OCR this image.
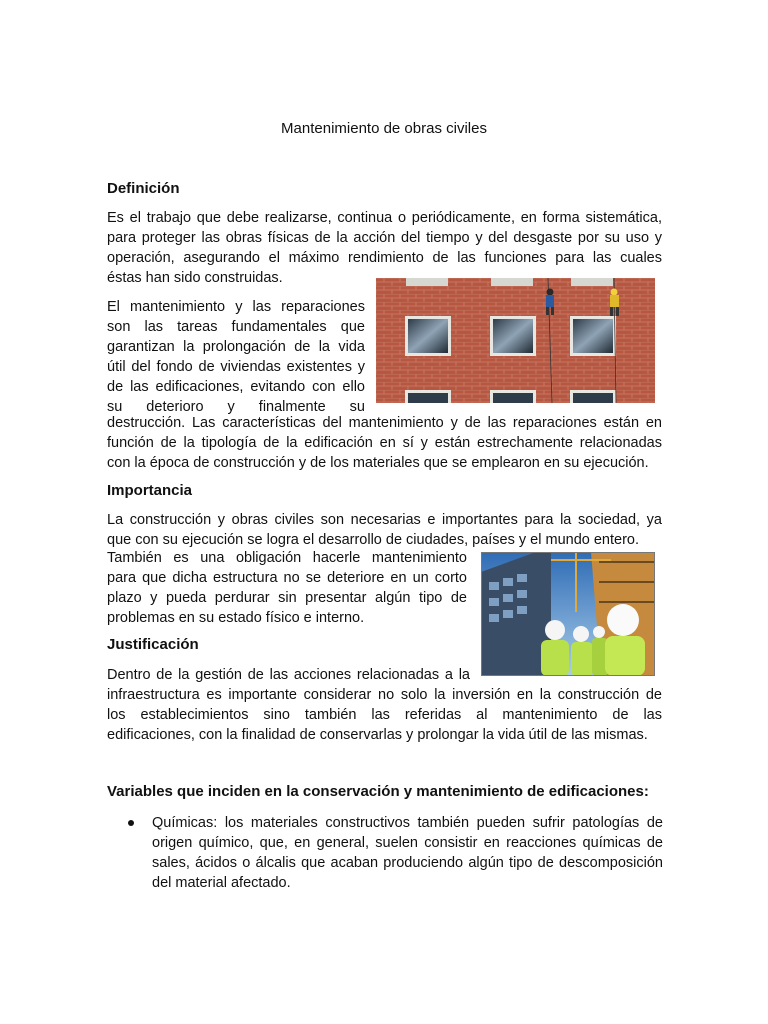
Mantenimiento de obras civiles
Definición
Es el trabajo que debe realizarse, continua o periódicamente, en forma sistemática,
para proteger las obras físicas de la acción del tiempo y del desgaste por su uso y
operación, asegurando el máximo rendimiento de las funciones para las cuales
éstas han sido construidas.
El mantenimiento y las reparaciones
son las tareas fundamentales que
garantizan la prolongación de la vida
útil del fondo de viviendas existentes y
de las edificaciones, evitando con ello
su deterioro y finalmente su
destrucción. Las características del mantenimiento y de las reparaciones están en
función de la tipología de la edificación en sí y están estrechamente relacionadas
con la época de construcción y de los materiales que se emplearon en su ejecución.
Importancia
La construcción y obras civiles son necesarias e importantes para la sociedad, ya
que con su ejecución se logra el desarrollo de ciudades, países y el mundo entero.
También es una obligación hacerle mantenimiento
para que dicha estructura no se deteriore en un corto
plazo y pueda perdurar sin presentar algún tipo de
problemas en su estado físico e interno.
Justificación
Dentro de la gestión de las acciones relacionadas a la
infraestructura es importante considerar no solo la inversión en la construcción de
los establecimientos sino también las referidas al mantenimiento de las
edificaciones, con la finalidad de conservarlas y prolongar la vida útil de las mismas.
Variables que inciden en la conservación y mantenimiento de edificaciones:
Químicas: los materiales constructivos también pueden sufrir patologías de
origen químico, que, en general, suelen consistir en reacciones químicas de
sales, ácidos o álcalis que acaban produciendo algún tipo de descomposición
del material afectado.
